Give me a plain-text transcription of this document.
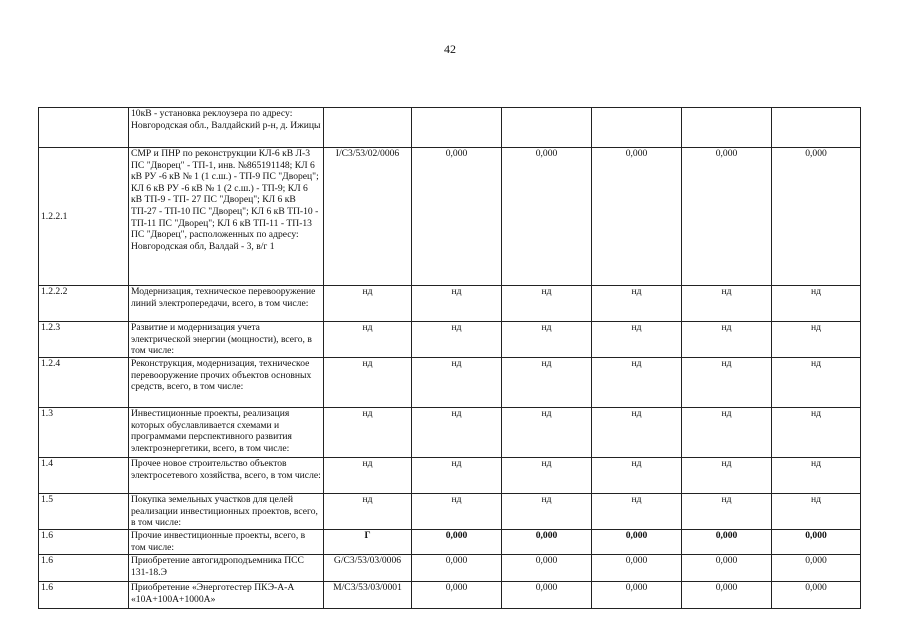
42
	10кВ - установка реклоузера по адресу: Новгородская обл., Валдайский р-н, д. Ижицы						
1.2.2.1	СМР и ПНР по реконструкции КЛ-6 кВ Л-3 ПС "Дворец" - ТП-1, инв. №865191148; КЛ 6 кВ РУ -6 кВ № 1 (1 с.ш.) - ТП-9 ПС "Дворец"; КЛ 6 кВ РУ -6 кВ № 1 (2 с.ш.) - ТП-9; КЛ 6 кВ ТП-9 - ТП- 27 ПС "Дворец"; КЛ 6 кВ ТП-27 - ТП-10 ПС "Дворец"; КЛ 6 кВ ТП-10 - ТП-11 ПС "Дворец"; КЛ 6 кВ ТП-11 - ТП-13 ПС "Дворец", расположенных по адресу: Новгородская обл, Валдай - 3, в/г 1	I/С3/53/02/0006	0,000	0,000	0,000	0,000	0,000
1.2.2.2	Модернизация, техническое перевооружение линий электропередачи, всего, в том числе:	нд	нд	нд	нд	нд	нд
1.2.3	Развитие и модернизация учета электрической энергии (мощности), всего, в том числе:	нд	нд	нд	нд	нд	нд
1.2.4	Реконструкция, модернизация, техническое перевооружение прочих объектов основных средств, всего, в том числе:	нд	нд	нд	нд	нд	нд
1.3	Инвестиционные проекты, реализация которых обуславливается схемами и программами перспективного развития электроэнергетики, всего, в том числе:	нд	нд	нд	нд	нд	нд
1.4	Прочее новое строительство объектов электросетевого хозяйства, всего, в том числе:	нд	нд	нд	нд	нд	нд
1.5	Покупка земельных участков для целей реализации инвестиционных проектов, всего, в том числе:	нд	нд	нд	нд	нд	нд
1.6	Прочие инвестиционные проекты, всего, в том числе:	Г	0,000	0,000	0,000	0,000	0,000
1.6	Приобретение автогидроподъемника ПСС 131-18.Э	G/С3/53/03/0006	0,000	0,000	0,000	0,000	0,000
1.6	Приобретение «Энерготестер ПКЭ-А-А «10А+100А+1000А»	M/С3/53/03/0001	0,000	0,000	0,000	0,000	0,000
